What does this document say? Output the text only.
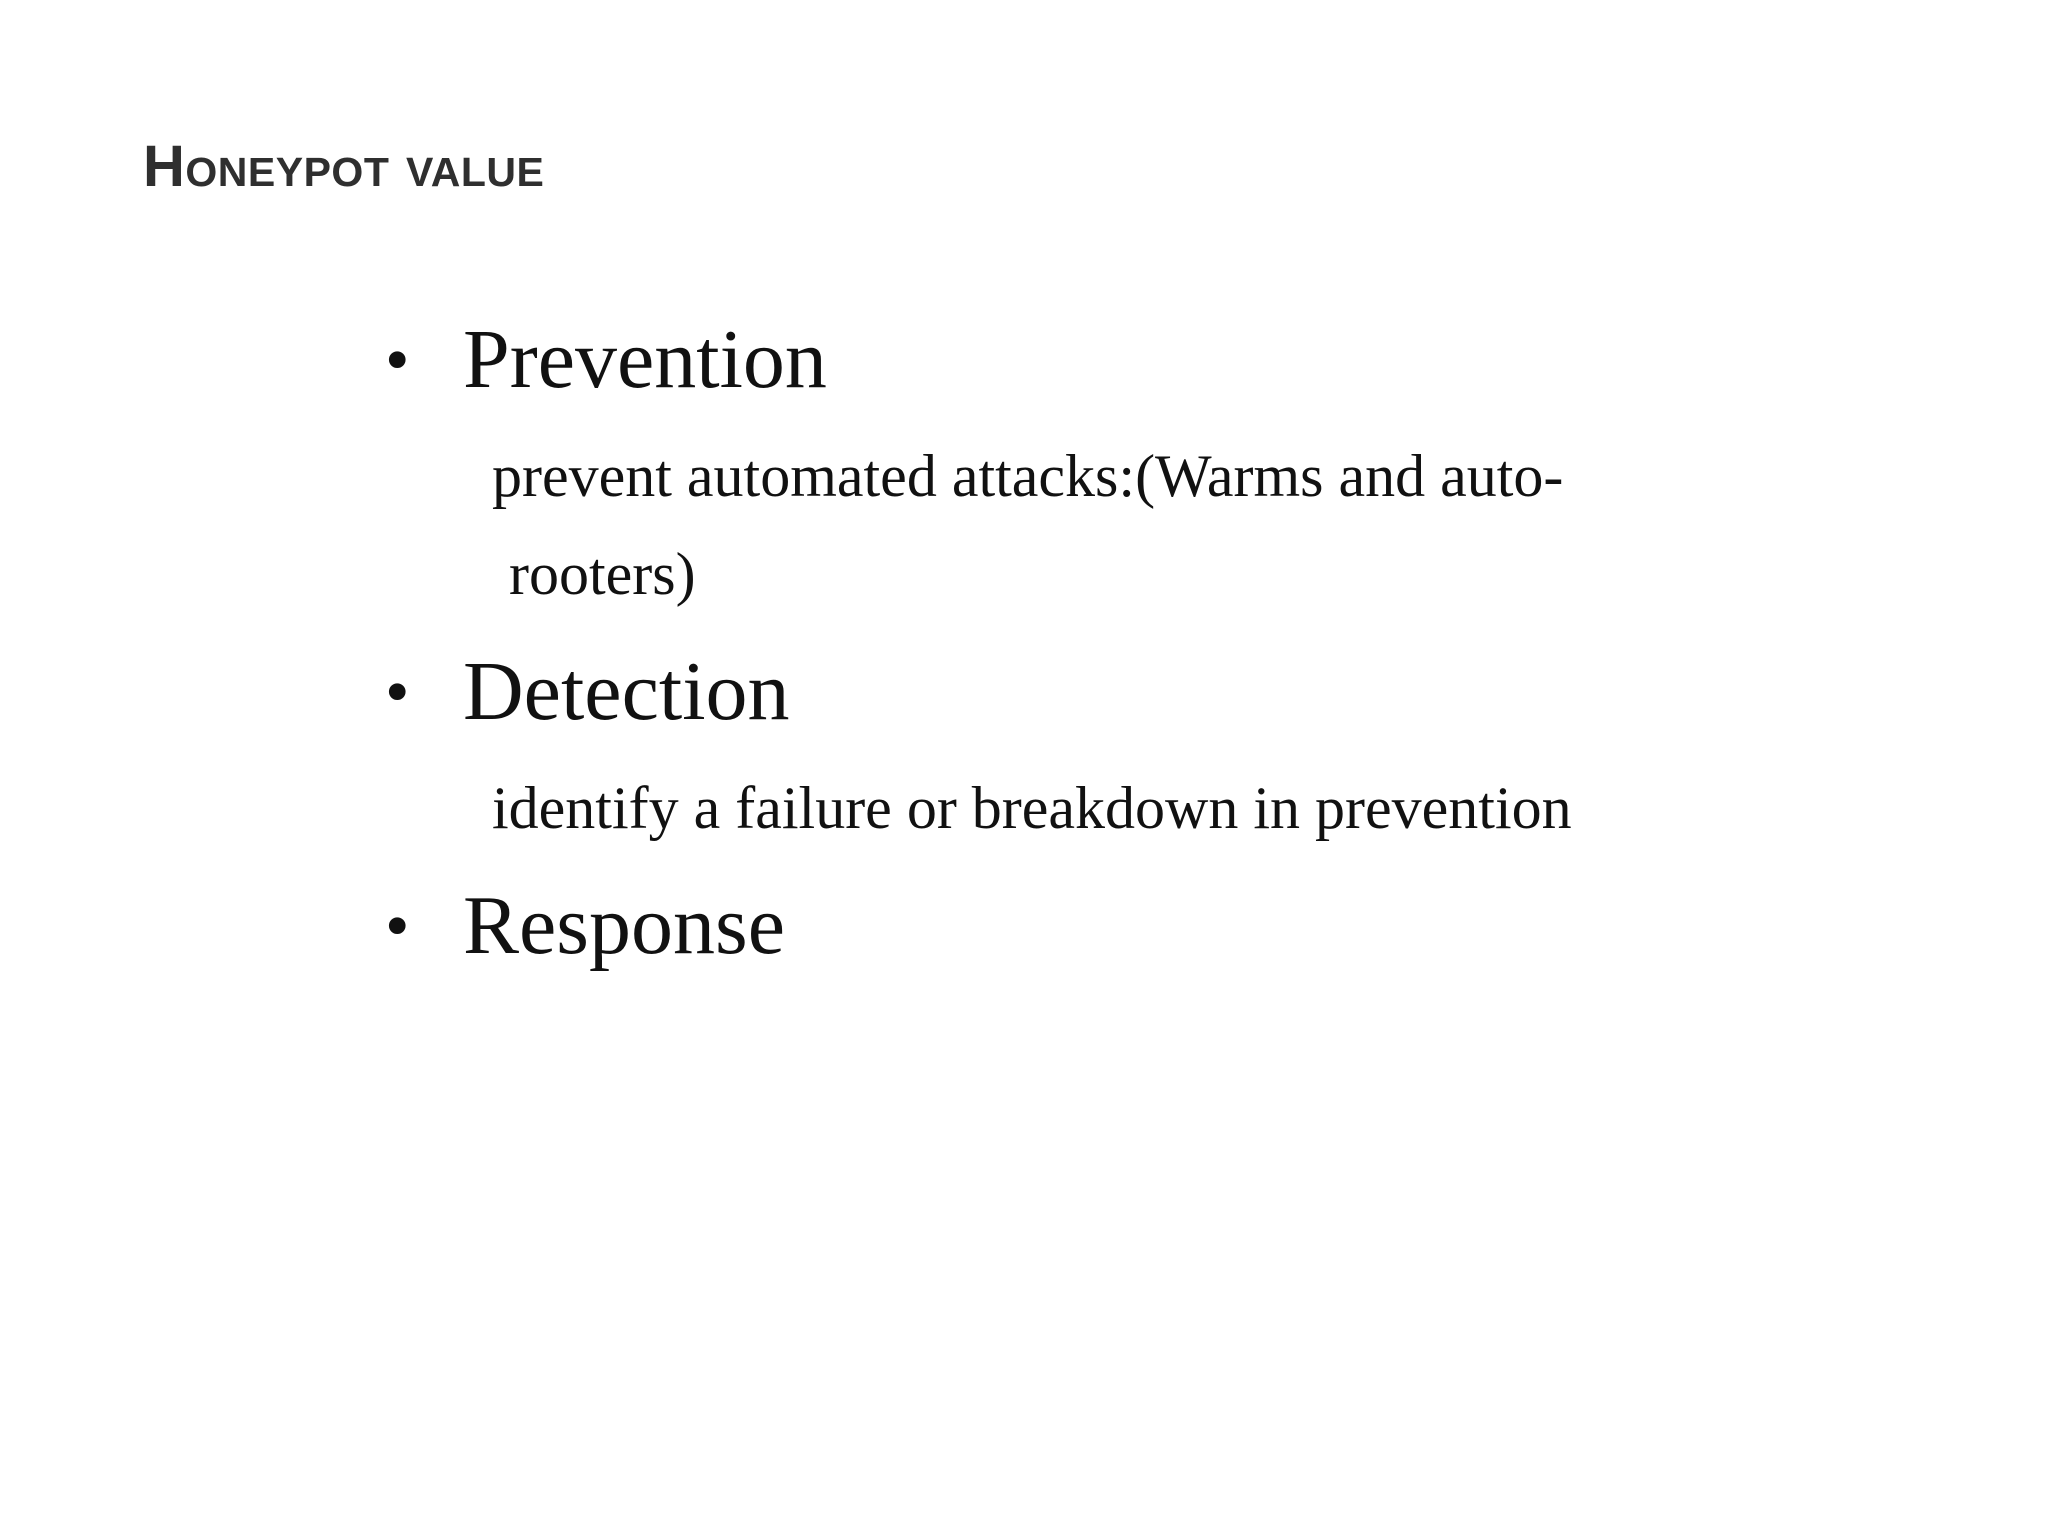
Honeypot value
• Prevention
prevent automated attacks:(Warms and auto-
rooters)
• Detection
identify a failure or breakdown in prevention
• Response
